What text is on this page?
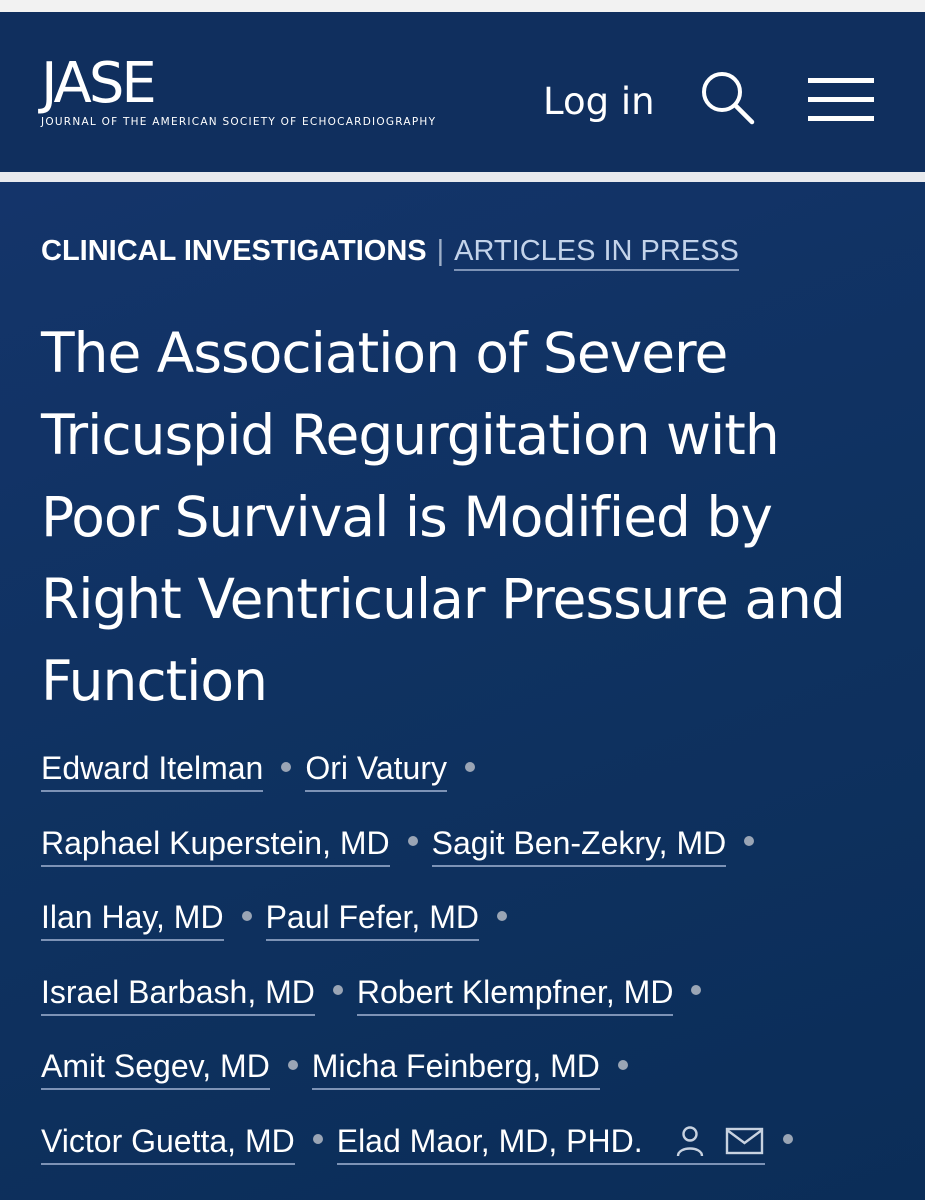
JASE
JOURNAL OF THE AMERICAN SOCIETY OF ECHOCARDIOGRAPHY	Log in
CLINICAL INVESTIGATIONS | ARTICLES IN PRESS
The Association of Severe Tricuspid Regurgitation with Poor Survival is Modified by Right Ventricular Pressure and Function
Edward Itelman Ori Vatury
Raphael Kuperstein, MD Sagit Ben-Zekry, MD
Ilan Hay, MD Paul Fefer, MD
Israel Barbash, MD Robert Klempfner, MD
Amit Segev, MD Micha Feinberg, MD
Victor Guetta, MD Elad Maor, MD, PHD.
